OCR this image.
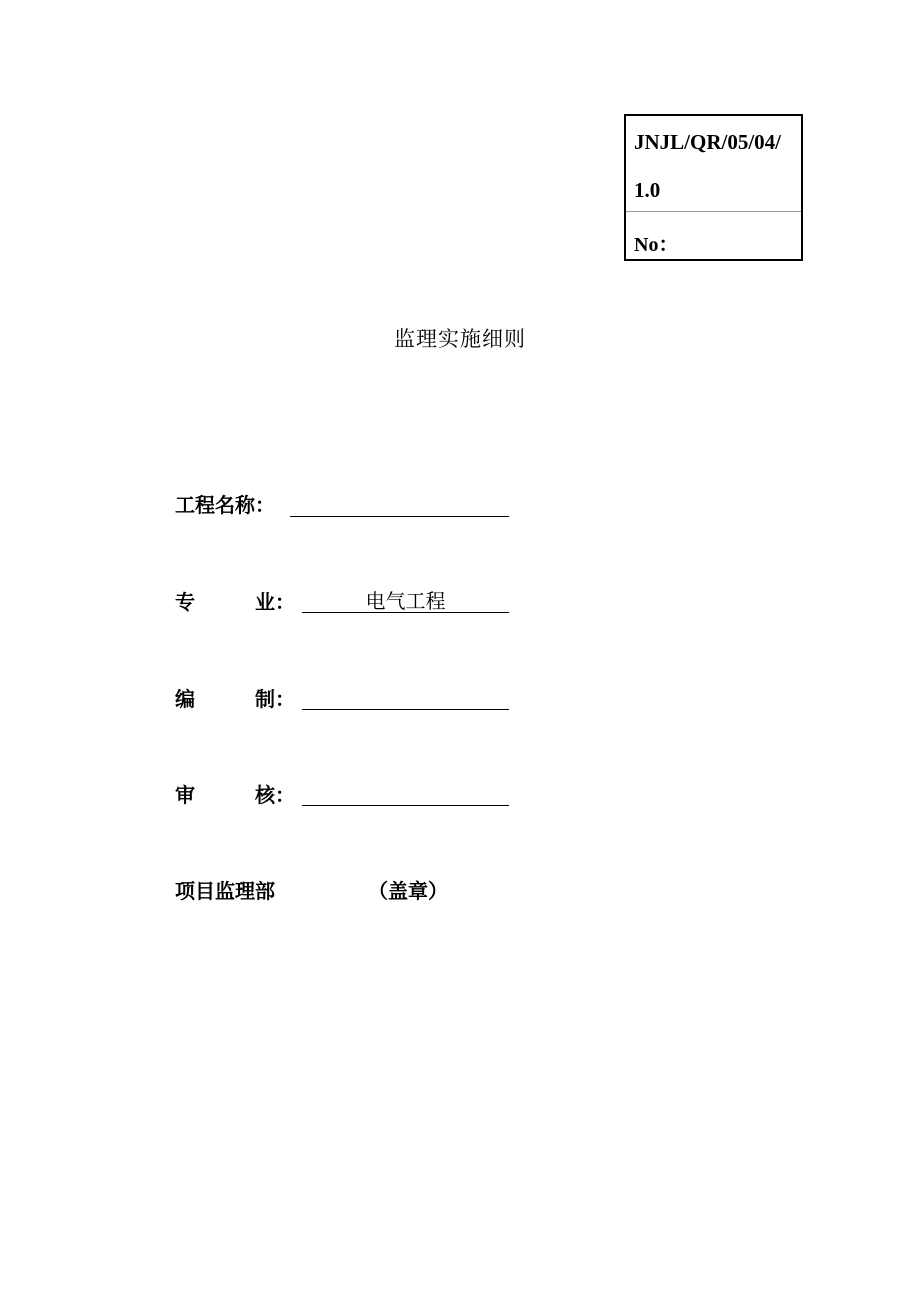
JNJL/QR/05/04/
1.0
No：
监理实施细则
工程名称：
专	业：	电气工程
编	制：
审	核：
项目监理部	（盖章）
